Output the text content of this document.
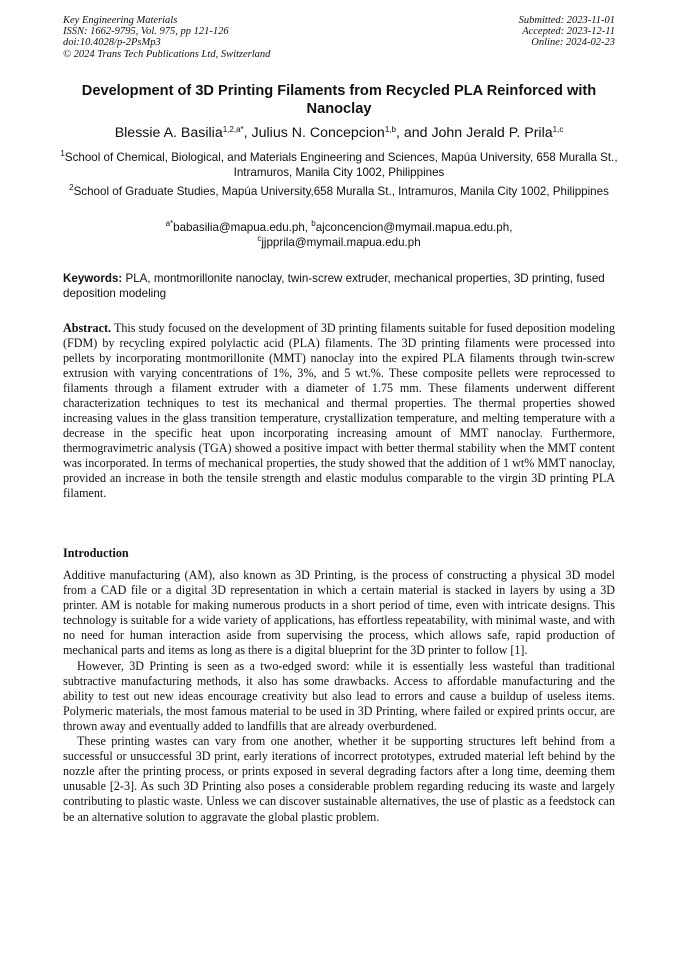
Key Engineering Materials
ISSN: 1662-9795, Vol. 975, pp 121-126
doi:10.4028/p-2PsMp3
© 2024 Trans Tech Publications Ltd, Switzerland
Submitted: 2023-11-01
Accepted: 2023-12-11
Online: 2024-02-23
Development of 3D Printing Filaments from Recycled PLA Reinforced with Nanoclay
Blessie A. Basilia$^{1,2,a*}$, Julius N. Concepcion$^{1,b}$, and John Jerald P. Prila$^{1,c}$
$^1$School of Chemical, Biological, and Materials Engineering and Sciences, Mapúa University, 658 Muralla St., Intramuros, Manila City 1002, Philippines
$^2$School of Graduate Studies, Mapúa University,658 Muralla St., Intramuros, Manila City 1002, Philippines
$^{a*}$babasilia@mapua.edu.ph, $^b$ajconcencion@mymail.mapua.edu.ph,
$^c$jjpprila@mymail.mapua.edu.ph
Keywords: PLA, montmorillonite nanoclay, twin-screw extruder, mechanical properties, 3D printing, fused deposition modeling
Abstract. This study focused on the development of 3D printing filaments suitable for fused deposition modeling (FDM) by recycling expired polylactic acid (PLA) filaments. The 3D printing filaments were processed into pellets by incorporating montmorillonite (MMT) nanoclay into the expired PLA filaments through twin-screw extrusion with varying concentrations of 1%, 3%, and 5 wt.%. These composite pellets were reprocessed to filaments through a filament extruder with a diameter of 1.75 mm. These filaments underwent different characterization techniques to test its mechanical and thermal properties. The thermal properties showed increasing values in the glass transition temperature, crystallization temperature, and melting temperature with a decrease in the specific heat upon incorporating increasing amount of MMT nanoclay. Furthermore, thermogravimetric analysis (TGA) showed a positive impact with better thermal stability when the MMT content was incorporated. In terms of mechanical properties, the study showed that the addition of 1 wt% MMT nanoclay, provided an increase in both the tensile strength and elastic modulus comparable to the virgin 3D printing PLA filament.
Introduction

Additive manufacturing (AM), also known as 3D Printing, is the process of constructing a physical 3D model from a CAD file or a digital 3D representation in which a certain material is stacked in layers by using a 3D printer. AM is notable for making numerous products in a short period of time, even with intricate designs. This technology is suitable for a wide variety of applications, has effortless repeatability, with minimal waste, and with no need for human interaction aside from supervising the process, which allows safe, rapid production of mechanical parts and items as long as there is a digital blueprint for the 3D printer to follow [1].

However, 3D Printing is seen as a two-edged sword: while it is essentially less wasteful than traditional subtractive manufacturing methods, it also has some drawbacks. Access to affordable manufacturing and the ability to test out new ideas encourage creativity but also lead to errors and cause a buildup of useless items. Polymeric materials, the most famous material to be used in 3D Printing, where failed or expired prints occur, are thrown away and eventually added to landfills that are already overburdened.

These printing wastes can vary from one another, whether it be supporting structures left behind from a successful or unsuccessful 3D print, early iterations of incorrect prototypes, extruded material left behind by the nozzle after the printing process, or prints exposed in several degrading factors after a long time, deeming them unusable [2-3]. As such 3D Printing also poses a considerable problem regarding reducing its waste and largely contributing to plastic waste. Unless we can discover sustainable alternatives, the use of plastic as a feedstock can be an alternative solution to aggravate the global plastic problem.
